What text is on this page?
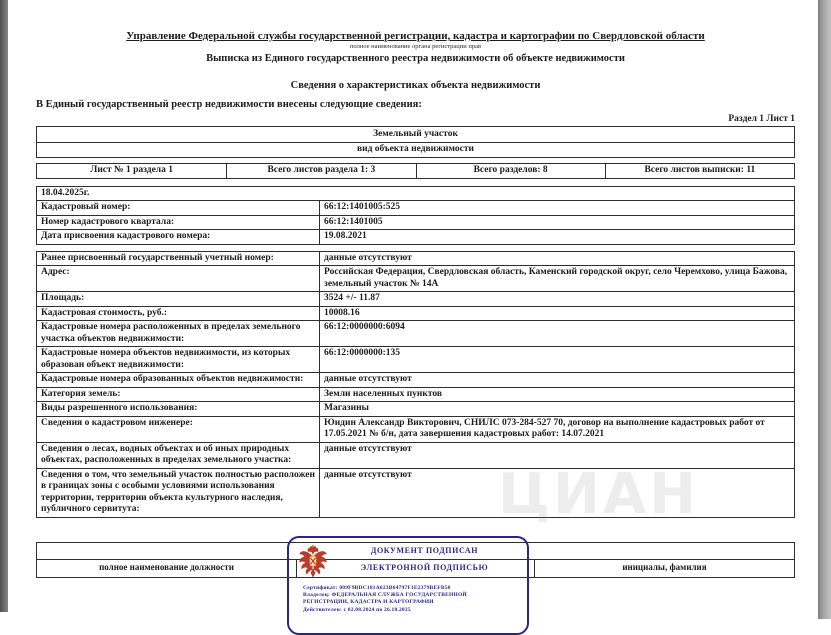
ЦИАН
Управление Федеральной службы государственной регистрации, кадастра и картографии по Свердловской области
полное наименование органа регистрации прав
Выписка из Единого государственного реестра недвижимости об объекте недвижимости
Сведения о характеристиках объекта недвижимости
В Единый государственный реестр недвижимости внесены следующие сведения:
Раздел 1 Лист 1
Земельный участок
вид объекта недвижимости
Лист № 1 раздела 1	Всего листов раздела 1: 3	Всего разделов: 8	Всего листов выписки: 11
18.04.2025г.
Кадастровый номер:	66:12:1401005:525
Номер кадастрового квартала:	66:12:1401005
Дата присвоения кадастрового номера:	19.08.2021
Ранее присвоенный государственный учетный номер:	данные отсутствуют
Адрес:	Российская Федерация, Свердловская область, Каменский городской округ, село Черемхово, улица Бажова, земельный участок № 14А
Площадь:	3524 +/- 11.87
Кадастровая стоимость, руб.:	10008.16
Кадастровые номера расположенных в пределах земельного участка объектов недвижимости:
66:12:0000000:6094
Кадастровые номера объектов недвижимости, из которых образован объект недвижимости:
66:12:0000000:135
Кадастровые номера образованных объектов недвижимости:	данные отсутствуют
Категория земель:	Земли населенных пунктов
Виды разрешенного использования:	Магазины
Сведения о кадастровом инженере:	Юидин Александр Викторович, СНИЛС 073-284-527 70, договор на выполнение кадастровых работ от 17.05.2021 № б/н, дата завершения кадастровых работ: 14.07.2021
Сведения о лесах, водных объектах и об иных природных объектах, расположенных в пределах земельного участка:
данные отсутствуют
Сведения о том, что земельный участок полностью расположен в границах зоны с особыми условиями использования территории, территории объекта культурного наследия, публичного сервитута:
данные отсутствуют
полное наименование должности	инициалы, фамилия
ДОКУМЕНТ ПОДПИСАН
ЭЛЕКТРОННОЙ ПОДПИСЬЮ
Сертификат: 009F9BDC181A023B64797F1E2379BEFB50
Владелец: ФЕДЕРАЛЬНАЯ СЛУЖБА ГОСУДАРСТВЕННОЙ
РЕГИСТРАЦИИ, КАДАСТРА И КАРТОГРАФИИ
Действителен: с 02.08.2024 по 26.10.2025
